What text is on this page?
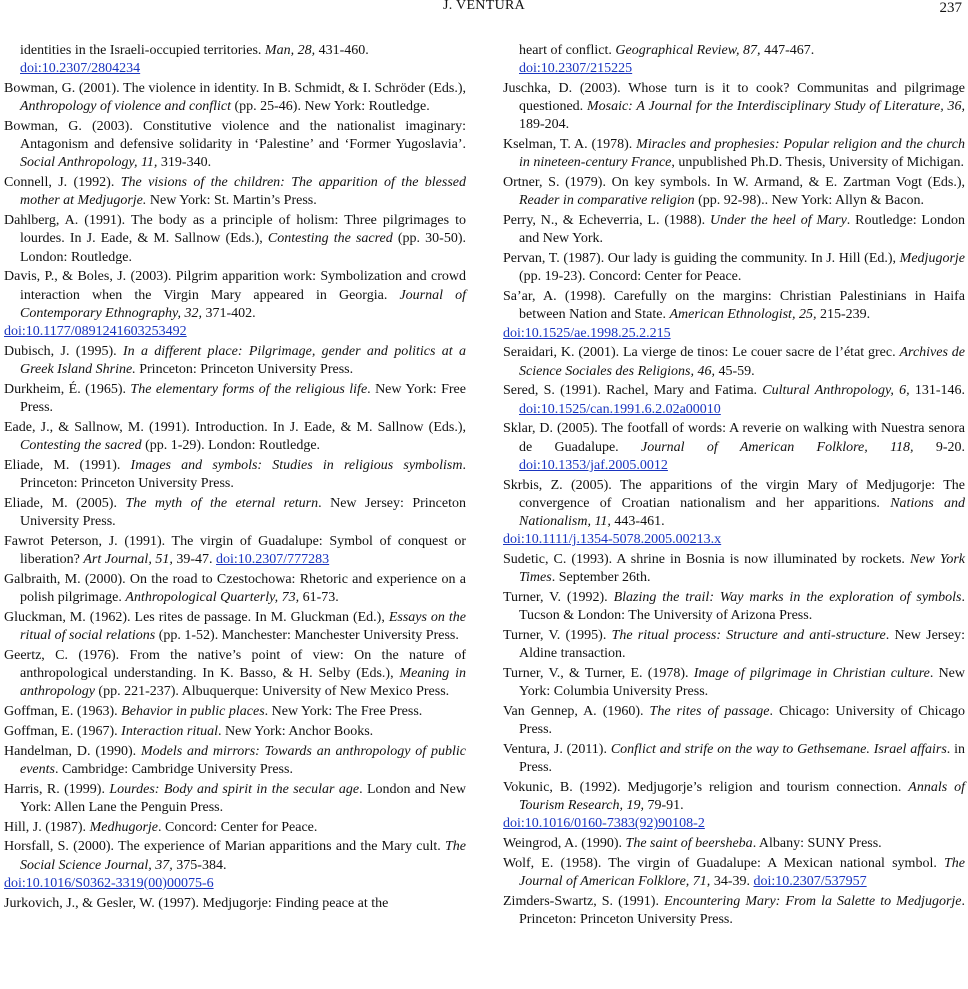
J. VENTURA	237
identities in the Israeli-occupied territories. Man, 28, 431-460.
doi:10.2307/2804234
Bowman, G. (2001). The violence in identity. In B. Schmidt, & I. Schröder (Eds.), Anthropology of violence and conflict (pp. 25-46). New York: Routledge.
Bowman, G. (2003). Constitutive violence and the nationalist imaginary: Antagonism and defensive solidarity in ‘Palestine’ and ‘Former Yugoslavia’. Social Anthropology, 11, 319-340.
Connell, J. (1992). The visions of the children: The apparition of the blessed mother at Medjugorje. New York: St. Martin’s Press.
Dahlberg, A. (1991). The body as a principle of holism: Three pilgrimages to lourdes. In J. Eade, & M. Sallnow (Eds.), Contesting the sacred (pp. 30-50). London: Routledge.
Davis, P., & Boles, J. (2003). Pilgrim apparition work: Symbolization and crowd interaction when the Virgin Mary appeared in Georgia. Journal of Contemporary Ethnography, 32, 371-402.
doi:10.1177/0891241603253492
Dubisch, J. (1995). In a different place: Pilgrimage, gender and politics at a Greek Island Shrine. Princeton: Princeton University Press.
Durkheim, É. (1965). The elementary forms of the religious life. New York: Free Press.
Eade, J., & Sallnow, M. (1991). Introduction. In J. Eade, & M. Sallnow (Eds.), Contesting the sacred (pp. 1-29). London: Routledge.
Eliade, M. (1991). Images and symbols: Studies in religious symbolism. Princeton: Princeton University Press.
Eliade, M. (2005). The myth of the eternal return. New Jersey: Princeton University Press.
Fawrot Peterson, J. (1991). The virgin of Guadalupe: Symbol of conquest or liberation? Art Journal, 51, 39-47. doi:10.2307/777283
Galbraith, M. (2000). On the road to Czestochowa: Rhetoric and experience on a polish pilgrimage. Anthropological Quarterly, 73, 61-73.
Gluckman, M. (1962). Les rites de passage. In M. Gluckman (Ed.), Essays on the ritual of social relations (pp. 1-52). Manchester: Manchester University Press.
Geertz, C. (1976). From the native’s point of view: On the nature of anthropological understanding. In K. Basso, & H. Selby (Eds.), Meaning in anthropology (pp. 221-237). Albuquerque: University of New Mexico Press.
Goffman, E. (1963). Behavior in public places. New York: The Free Press.
Goffman, E. (1967). Interaction ritual. New York: Anchor Books.
Handelman, D. (1990). Models and mirrors: Towards an anthropology of public events. Cambridge: Cambridge University Press.
Harris, R. (1999). Lourdes: Body and spirit in the secular age. London and New York: Allen Lane the Penguin Press.
Hill, J. (1987). Medhugorje. Concord: Center for Peace.
Horsfall, S. (2000). The experience of Marian apparitions and the Mary cult. The Social Science Journal, 37, 375-384.
doi:10.1016/S0362-3319(00)00075-6
Jurkovich, J., & Gesler, W. (1997). Medjugorje: Finding peace at the
heart of conflict. Geographical Review, 87, 447-467.
doi:10.2307/215225
Juschka, D. (2003). Whose turn is it to cook? Communitas and pilgrimage questioned. Mosaic: A Journal for the Interdisciplinary Study of Literature, 36, 189-204.
Kselman, T. A. (1978). Miracles and prophesies: Popular religion and the church in nineteen-century France, unpublished Ph.D. Thesis, University of Michigan.
Ortner, S. (1979). On key symbols. In W. Armand, & E. Zartman Vogt (Eds.), Reader in comparative religion (pp. 92-98).. New York: Allyn & Bacon.
Perry, N., & Echeverria, L. (1988). Under the heel of Mary. Routledge: London and New York.
Pervan, T. (1987). Our lady is guiding the community. In J. Hill (Ed.), Medjugorje (pp. 19-23). Concord: Center for Peace.
Sa’ar, A. (1998). Carefully on the margins: Christian Palestinians in Haifa between Nation and State. American Ethnologist, 25, 215-239.
doi:10.1525/ae.1998.25.2.215
Seraidari, K. (2001). La vierge de tinos: Le couer sacre de l’état grec. Archives de Science Sociales des Religions, 46, 45-59.
Sered, S. (1991). Rachel, Mary and Fatima. Cultural Anthropology, 6, 131-146. doi:10.1525/can.1991.6.2.02a00010
Sklar, D. (2005). The footfall of words: A reverie on walking with Nuestra senora de Guadalupe. Journal of American Folklore, 118, 9-20. doi:10.1353/jaf.2005.0012
Skrbis, Z. (2005). The apparitions of the virgin Mary of Medjugorje: The convergence of Croatian nationalism and her apparitions. Nations and Nationalism, 11, 443-461.
doi:10.1111/j.1354-5078.2005.00213.x
Sudetic, C. (1993). A shrine in Bosnia is now illuminated by rockets. New York Times. September 26th.
Turner, V. (1992). Blazing the trail: Way marks in the exploration of symbols. Tucson & London: The University of Arizona Press.
Turner, V. (1995). The ritual process: Structure and anti-structure. New Jersey: Aldine transaction.
Turner, V., & Turner, E. (1978). Image of pilgrimage in Christian culture. New York: Columbia University Press.
Van Gennep, A. (1960). The rites of passage. Chicago: University of Chicago Press.
Ventura, J. (2011). Conflict and strife on the way to Gethsemane. Israel affairs. in Press.
Vokunic, B. (1992). Medjugorje’s religion and tourism connection. Annals of Tourism Research, 19, 79-91.
doi:10.1016/0160-7383(92)90108-2
Weingrod, A. (1990). The saint of beersheba. Albany: SUNY Press.
Wolf, E. (1958). The virgin of Guadalupe: A Mexican national symbol. The Journal of American Folklore, 71, 34-39. doi:10.2307/537957
Zimders-Swartz, S. (1991). Encountering Mary: From la Salette to Medjugorje. Princeton: Princeton University Press.
